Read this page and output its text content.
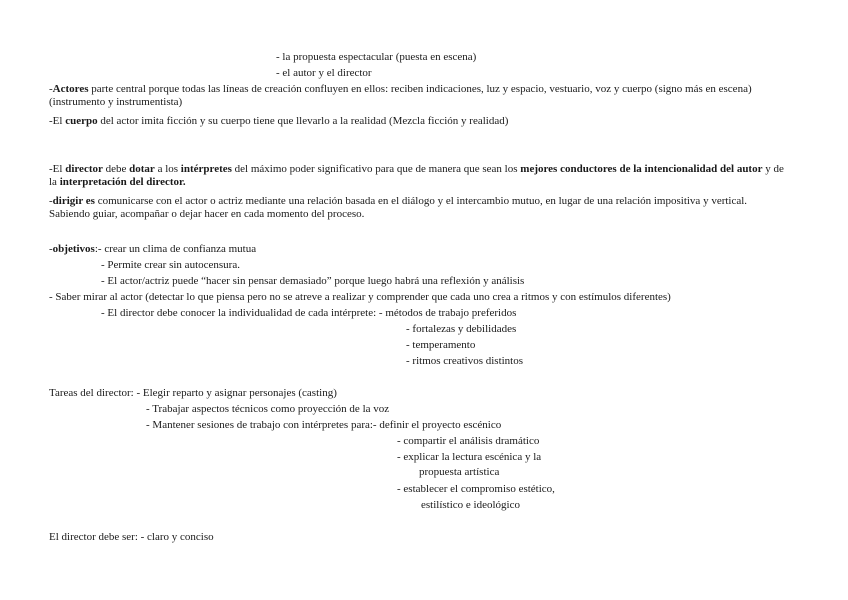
- la propuesta espectacular (puesta en escena)
- el autor y el director
-Actores parte central porque todas las líneas de creación confluyen en ellos: reciben indicaciones, luz y espacio, vestuario, voz y cuerpo (signo más en escena)(instrumento y instrumentista)
-El cuerpo del actor imita ficción y su cuerpo tiene que llevarlo a la realidad (Mezcla ficción y realidad)
-El director debe dotar a los intérpretes del máximo poder significativo para que de manera que sean los mejores conductores de la intencionalidad del autor y de la interpretación del director.
-dirigir es comunicarse con el actor o actriz mediante una relación basada en el diálogo y el intercambio mutuo, en lugar de una relación impositiva y vertical. Sabiendo guiar, acompañar o dejar hacer en cada momento del proceso.
-objetivos:- crear un clima de confianza mutua
- Permite crear sin autocensura.
- El actor/actriz puede “hacer sin pensar demasiado” porque luego habrá una reflexión y análisis
- Saber mirar al actor (detectar lo que piensa pero no se atreve a realizar y comprender que cada uno crea a ritmos y con estímulos diferentes)
- El director debe conocer la individualidad de cada intérprete: - métodos de trabajo preferidos
- fortalezas y debilidades
- temperamento
- ritmos creativos distintos
Tareas del director: - Elegir reparto y asignar personajes (casting)
- Trabajar aspectos técnicos como proyección de la voz
- Mantener sesiones de trabajo con intérpretes para:- definir el proyecto escénico
- compartir el análisis dramático
- explicar la lectura escénica y la
propuesta artística
- establecer el compromiso estético,
estilístico e ideológico
El director debe ser: - claro y conciso
